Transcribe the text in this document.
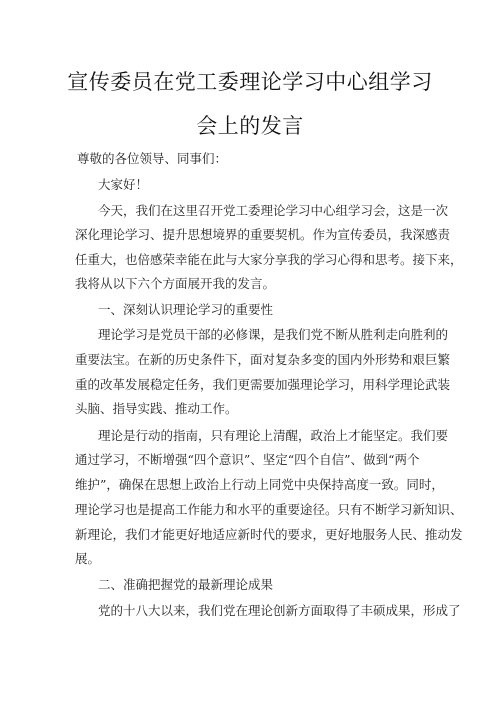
宣传委员在党工委理论学习中心组学习
会上的发言
尊敬的各位领导、同事们：
大家好！
今天，我们在这里召开党工委理论学习中心组学习会，这是一次
深化理论学习、提升思想境界的重要契机。作为宣传委员，我深感责
任重大，也倍感荣幸能在此与大家分享我的学习心得和思考。接下来，
我将从以下六个方面展开我的发言。
一、深刻认识理论学习的重要性
理论学习是党员干部的必修课，是我们党不断从胜利走向胜利的
重要法宝。在新的历史条件下，面对复杂多变的国内外形势和艰巨繁
重的改革发展稳定任务，我们更需要加强理论学习，用科学理论武装
头脑、指导实践、推动工作。
理论是行动的指南，只有理论上清醒，政治上才能坚定。我们要
通过学习，不断增强“四个意识”、坚定“四个自信”、做到“两个
维护”，确保在思想上政治上行动上同党中央保持高度一致。同时，
理论学习也是提高工作能力和水平的重要途径。只有不断学习新知识、
新理论，我们才能更好地适应新时代的要求，更好地服务人民、推动发
展。
二、准确把握党的最新理论成果
党的十八大以来，我们党在理论创新方面取得了丰硕成果，形成了
